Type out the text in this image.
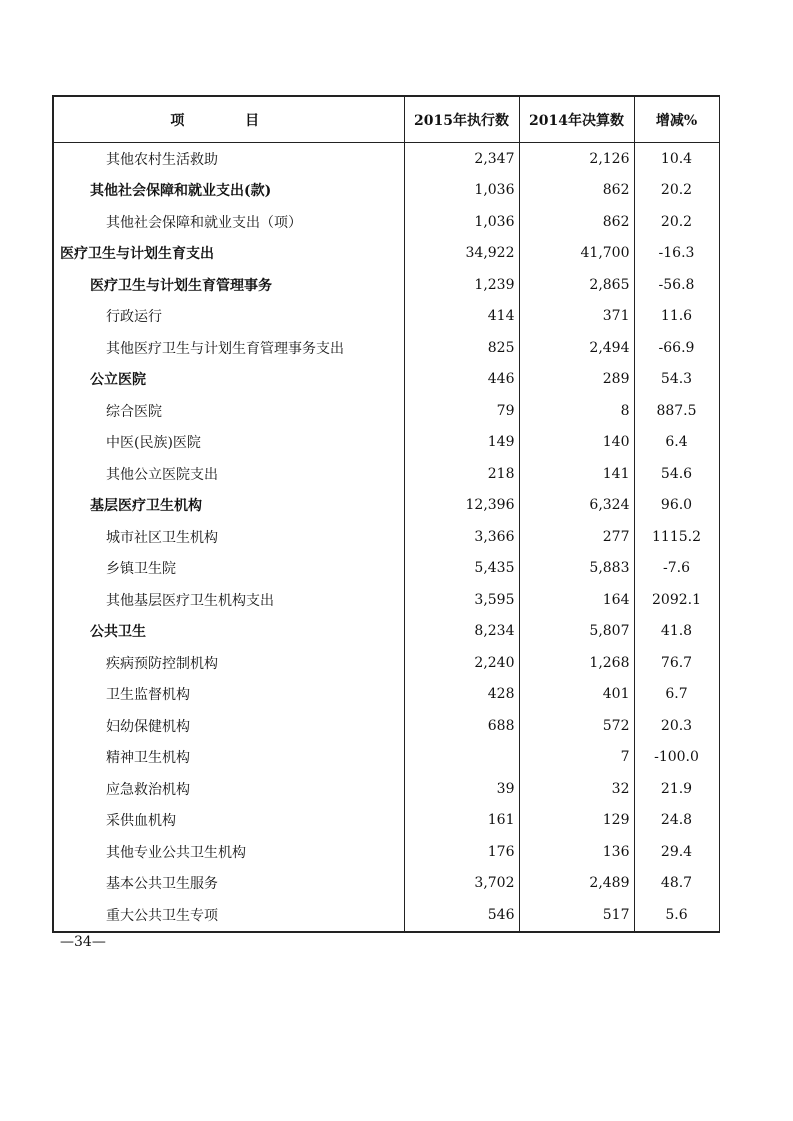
项 目	2015年执行数	2014年决算数	增减%
其他农村生活救助	2,347	2,126	10.4
其他社会保障和就业支出(款)	1,036	862	20.2
其他社会保障和就业支出（项）	1,036	862	20.2
医疗卫生与计划生育支出	34,922	41,700	-16.3
医疗卫生与计划生育管理事务	1,239	2,865	-56.8
行政运行	414	371	11.6
其他医疗卫生与计划生育管理事务支出	825	2,494	-66.9
公立医院	446	289	54.3
综合医院	79	8	887.5
中医(民族)医院	149	140	6.4
其他公立医院支出	218	141	54.6
基层医疗卫生机构	12,396	6,324	96.0
城市社区卫生机构	3,366	277	1115.2
乡镇卫生院	5,435	5,883	-7.6
其他基层医疗卫生机构支出	3,595	164	2092.1
公共卫生	8,234	5,807	41.8
疾病预防控制机构	2,240	1,268	76.7
卫生监督机构	428	401	6.7
妇幼保健机构	688	572	20.3
精神卫生机构		7	-100.0
应急救治机构	39	32	21.9
采供血机构	161	129	24.8
其他专业公共卫生机构	176	136	29.4
基本公共卫生服务	3,702	2,489	48.7
重大公共卫生专项	546	517	5.6
—34—
